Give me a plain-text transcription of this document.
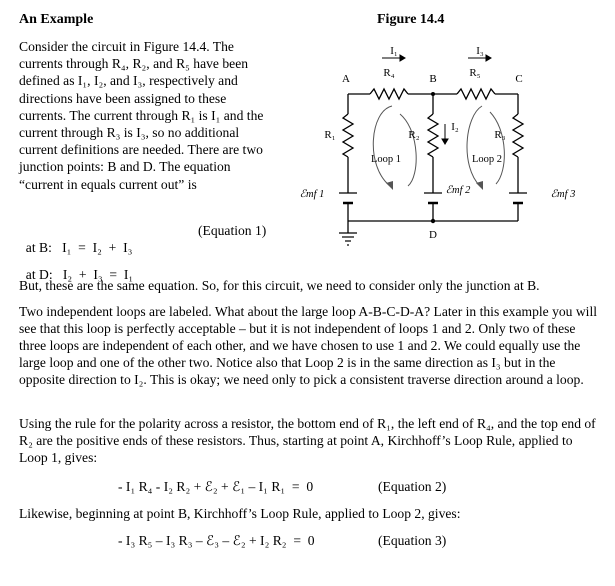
An Example	Figure 14.4
Consider the circuit in Figure 14.4. The currents through R₄, R₂, and R₅ have been defined as I₁, I₂, and I₃, respectively and directions have been assigned to these currents. The current through R₁ is I₁ and the current through R₃ is I₃, so no additional current definitions are needed. There are two junction points: B and D. The equation “current in equals current out” is
A	B	C
D
I₁	I₃
I₂
R₄	R₅
R₁	R₂	R₃
Loop 1	Loop 2
ℰmf 1	ℰmf 2	ℰmf 3

at B: I₁  =  I₂  +  I₃

(Equation 1)

at D: I₂  +  I₃  =  I₁

But, these are the same equation. So, for this circuit, we need to consider only the junction at B.
Two independent loops are labeled. What about the large loop A-B-C-D-A? Later in this example you will see that this loop is perfectly acceptable – but it is not independent of loops 1 and 2. Only two of these three loops are independent of each other, and we have chosen to use 1 and 2. We could equally use the large loop and one of the other two. Notice also that Loop 2 is in the same direction as I₃ but in the opposite direction to I₂. This is okay; we need only to pick a consistent traverse direction around a loop.
Using the rule for the polarity across a resistor, the bottom end of R₁, the left end of R₄, and the top end of R₂ are the positive ends of these resistors. Thus, starting at point A, Kirchhoff’s Loop Rule, applied to Loop 1, gives:
- I₁ R₄ - I₂ R₂ + ℰ₂ + ℰ₁ – I₁ R₁  =  0	(Equation 2)
Likewise, beginning at point B, Kirchhoff’s Loop Rule, applied to Loop 2, gives:
- I₃ R₅ – I₃ R₃ – ℰ₃ – ℰ₂ + I₂ R₂  =  0	(Equation 3)
